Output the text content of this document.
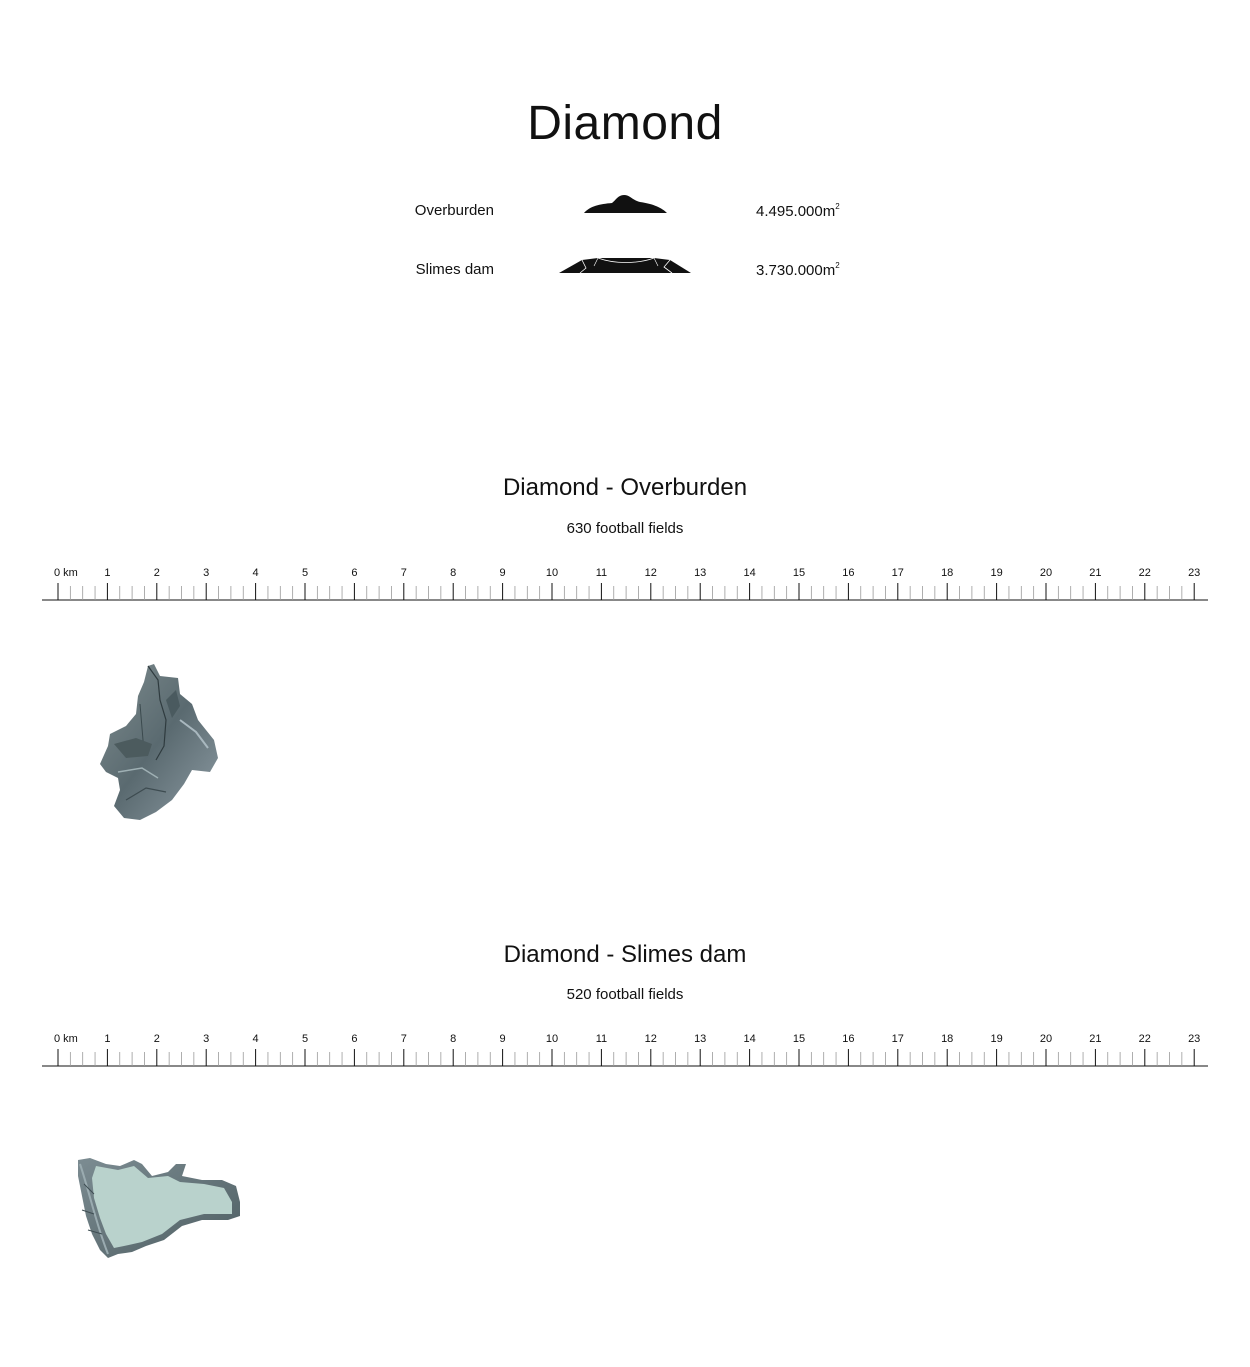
Diamond
Overburden	$4.495.000m^2$
Slimes dam	$3.730.000m^2$
Diamond - Overburden
630 football fields
0 km 1	2	3	4	5	6	7	8	9	10	11	12	13	14	15	16	17	18	19	20	21	22	23
Diamond - Slimes dam
520 football fields
0 km 1	2	3	4	5	6	7	8	9	10	11	12	13	14	15	16	17	18	19	20	21	22	23
